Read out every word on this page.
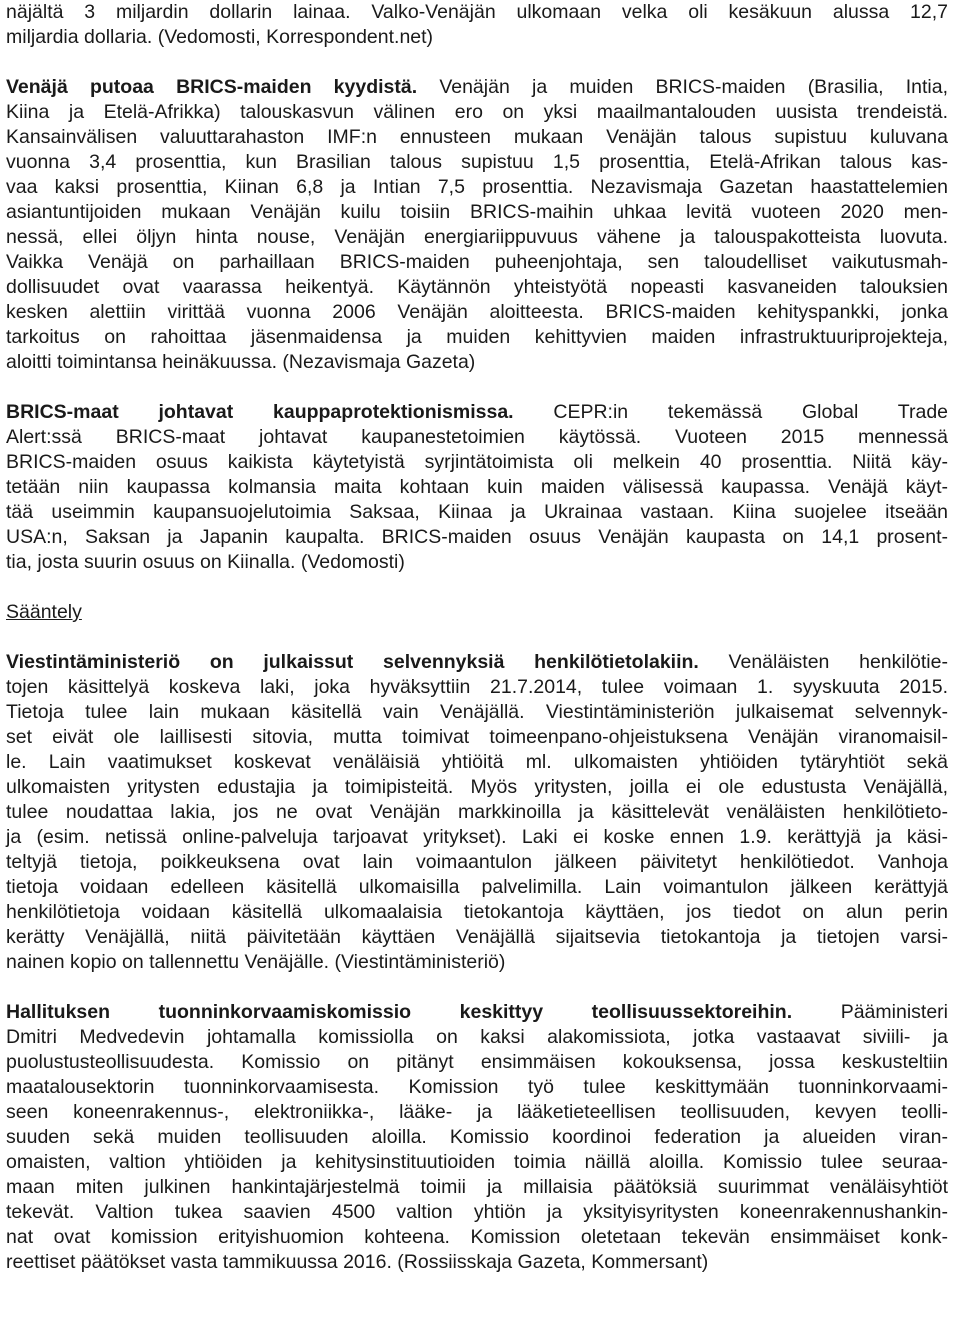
näjältä 3 miljardin dollarin lainaa. Valko-Venäjän ulkomaan velka oli kesäkuun alussa 12,7
miljardia dollaria. (Vedomosti, Korrespondent.net)
Venäjä putoaa BRICS-maiden kyydistä. Venäjän ja muiden BRICS-maiden (Brasilia, Intia,
Kiina ja Etelä-Afrikka) talouskasvun välinen ero on yksi maailmantalouden uusista trendeistä.
Kansainvälisen valuuttarahaston IMF:n ennusteen mukaan Venäjän talous supistuu kuluvana
vuonna 3,4 prosenttia, kun Brasilian talous supistuu 1,5 prosenttia, Etelä-Afrikan talous kas-
vaa kaksi prosenttia, Kiinan 6,8 ja Intian 7,5 prosenttia. Nezavismaja Gazetan haastattelemien
asiantuntijoiden mukaan Venäjän kuilu toisiin BRICS-maihin uhkaa levitä vuoteen 2020 men-
nessä, ellei öljyn hinta nouse, Venäjän energiariippuvuus vähene ja talouspakotteista luovuta.
Vaikka Venäjä on parhaillaan BRICS-maiden puheenjohtaja, sen taloudelliset vaikutusmah-
dollisuudet ovat vaarassa heikentyä. Käytännön yhteistyötä nopeasti kasvaneiden talouksien
kesken alettiin virittää vuonna 2006 Venäjän aloitteesta. BRICS-maiden kehityspankki, jonka
tarkoitus on rahoittaa jäsenmaidensa ja muiden kehittyvien maiden infrastruktuuriprojekteja,
aloitti toimintansa heinäkuussa. (Nezavismaja Gazeta)
BRICS-maat johtavat kauppaprotektionismissa. CEPR:in tekemässä Global Trade
Alert:ssä BRICS-maat johtavat kaupanestetoimien käytössä. Vuoteen 2015 mennessä
BRICS-maiden osuus kaikista käytetyistä syrjintätoimista oli melkein 40 prosenttia. Niitä käy-
tetään niin kaupassa kolmansia maita kohtaan kuin maiden välisessä kaupassa. Venäjä käyt-
tää useimmin kaupansuojelutoimia Saksaa, Kiinaa ja Ukrainaa vastaan. Kiina suojelee itseään
USA:n, Saksan ja Japanin kaupalta. BRICS-maiden osuus Venäjän kaupasta on 14,1 prosent-
tia, josta suurin osuus on Kiinalla. (Vedomosti)
Sääntely
Viestintäministeriö on julkaissut selvennyksiä henkilötietolakiin. Venäläisten henkilötie-
tojen käsittelyä koskeva laki, joka hyväksyttiin 21.7.2014, tulee voimaan 1. syyskuuta 2015.
Tietoja tulee lain mukaan käsitellä vain Venäjällä. Viestintäministeriön julkaisemat selvennyk-
set eivät ole laillisesti sitovia, mutta toimivat toimeenpano-ohjeistuksena Venäjän viranomaisil-
le. Lain vaatimukset koskevat venäläisiä yhtiöitä ml. ulkomaisten yhtiöiden tytäryhtiöt sekä
ulkomaisten yritysten edustajia ja toimipisteitä. Myös yritysten, joilla ei ole edustusta Venäjällä,
tulee noudattaa lakia, jos ne ovat Venäjän markkinoilla ja käsittelevät venäläisten henkilötieto-
ja (esim. netissä online-palveluja tarjoavat yritykset). Laki ei koske ennen 1.9. kerättyjä ja käsi-
teltyjä tietoja, poikkeuksena ovat lain voimaantulon jälkeen päivitetyt henkilötiedot. Vanhoja
tietoja voidaan edelleen käsitellä ulkomaisilla palvelimilla. Lain voimantulon jälkeen kerättyjä
henkilötietoja voidaan käsitellä ulkomaalaisia tietokantoja käyttäen, jos tiedot on alun perin
kerätty Venäjällä, niitä päivitetään käyttäen Venäjällä sijaitsevia tietokantoja ja tietojen varsi-
nainen kopio on tallennettu Venäjälle. (Viestintäministeriö)
Hallituksen tuonninkorvaamiskomissio keskittyy teollisuussektoreihin. Pääministeri
Dmitri Medvedevin johtamalla komissiolla on kaksi alakomissiota, jotka vastaavat siviili- ja
puolustusteollisuudesta. Komissio on pitänyt ensimmäisen kokouksensa, jossa keskusteltiin
maatalousektorin tuonninkorvaamisesta. Komission työ tulee keskittymään tuonninkorvaami-
seen koneenrakennus-, elektroniikka-, lääke- ja lääketieteellisen teollisuuden, kevyen teolli-
suuden sekä muiden teollisuuden aloilla. Komissio koordinoi federation ja alueiden viran-
omaisten, valtion yhtiöiden ja kehitysinstituutioiden toimia näillä aloilla. Komissio tulee seuraa-
maan miten julkinen hankintajärjestelmä toimii ja millaisia päätöksiä suurimmat venäläisyhtiöt
tekevät. Valtion tukea saavien 4500 valtion yhtiön ja yksityisyritysten koneenrakennushankin-
nat ovat komission erityishuomion kohteena. Komission oletetaan tekevän ensimmäiset konk-
reettiset päätökset vasta tammikuussa 2016. (Rossiisskaja Gazeta, Kommersant)
